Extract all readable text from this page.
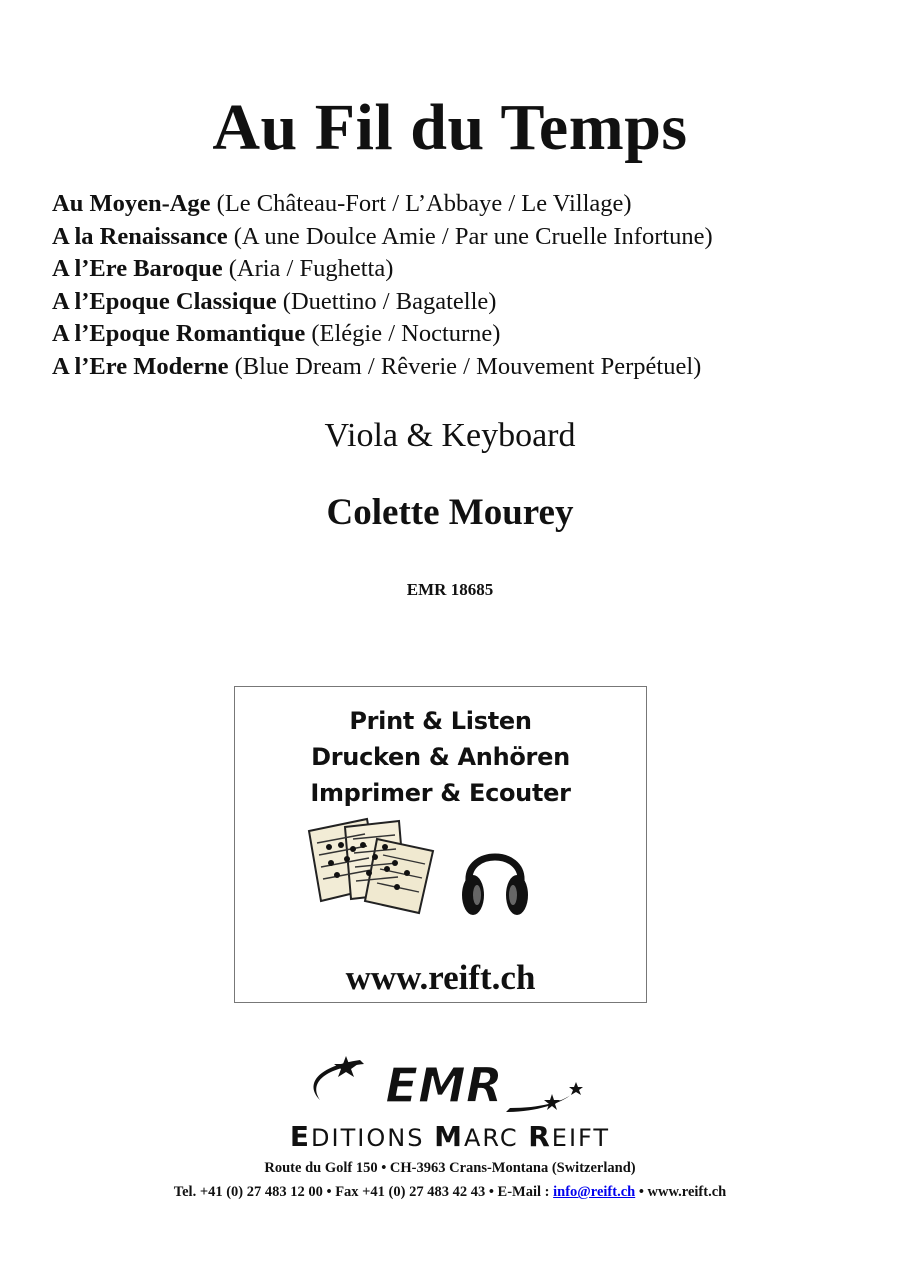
Au Fil du Temps
Au Moyen-Age (Le Château-Fort / L’Abbaye / Le Village)
A la Renaissance (A une Doulce Amie / Par une Cruelle Infortune)
A l’Ere Baroque (Aria / Fughetta)
A l’Epoque Classique (Duettino / Bagatelle)
A l’Epoque Romantique (Elégie / Nocturne)
A l’Ere Moderne (Blue Dream / Rêverie / Mouvement Perpétuel)
Viola & Keyboard
Colette Mourey
EMR 18685
Print & Listen
Drucken & Anhören
Imprimer & Ecouter
www.reift.ch
EMR
EDITIONS MARC REIFT
Route du Golf 150 • CH-3963 Crans-Montana (Switzerland)
Tel. +41 (0) 27 483 12 00 • Fax +41 (0) 27 483 42 43 • E-Mail : info@reift.ch • www.reift.ch
